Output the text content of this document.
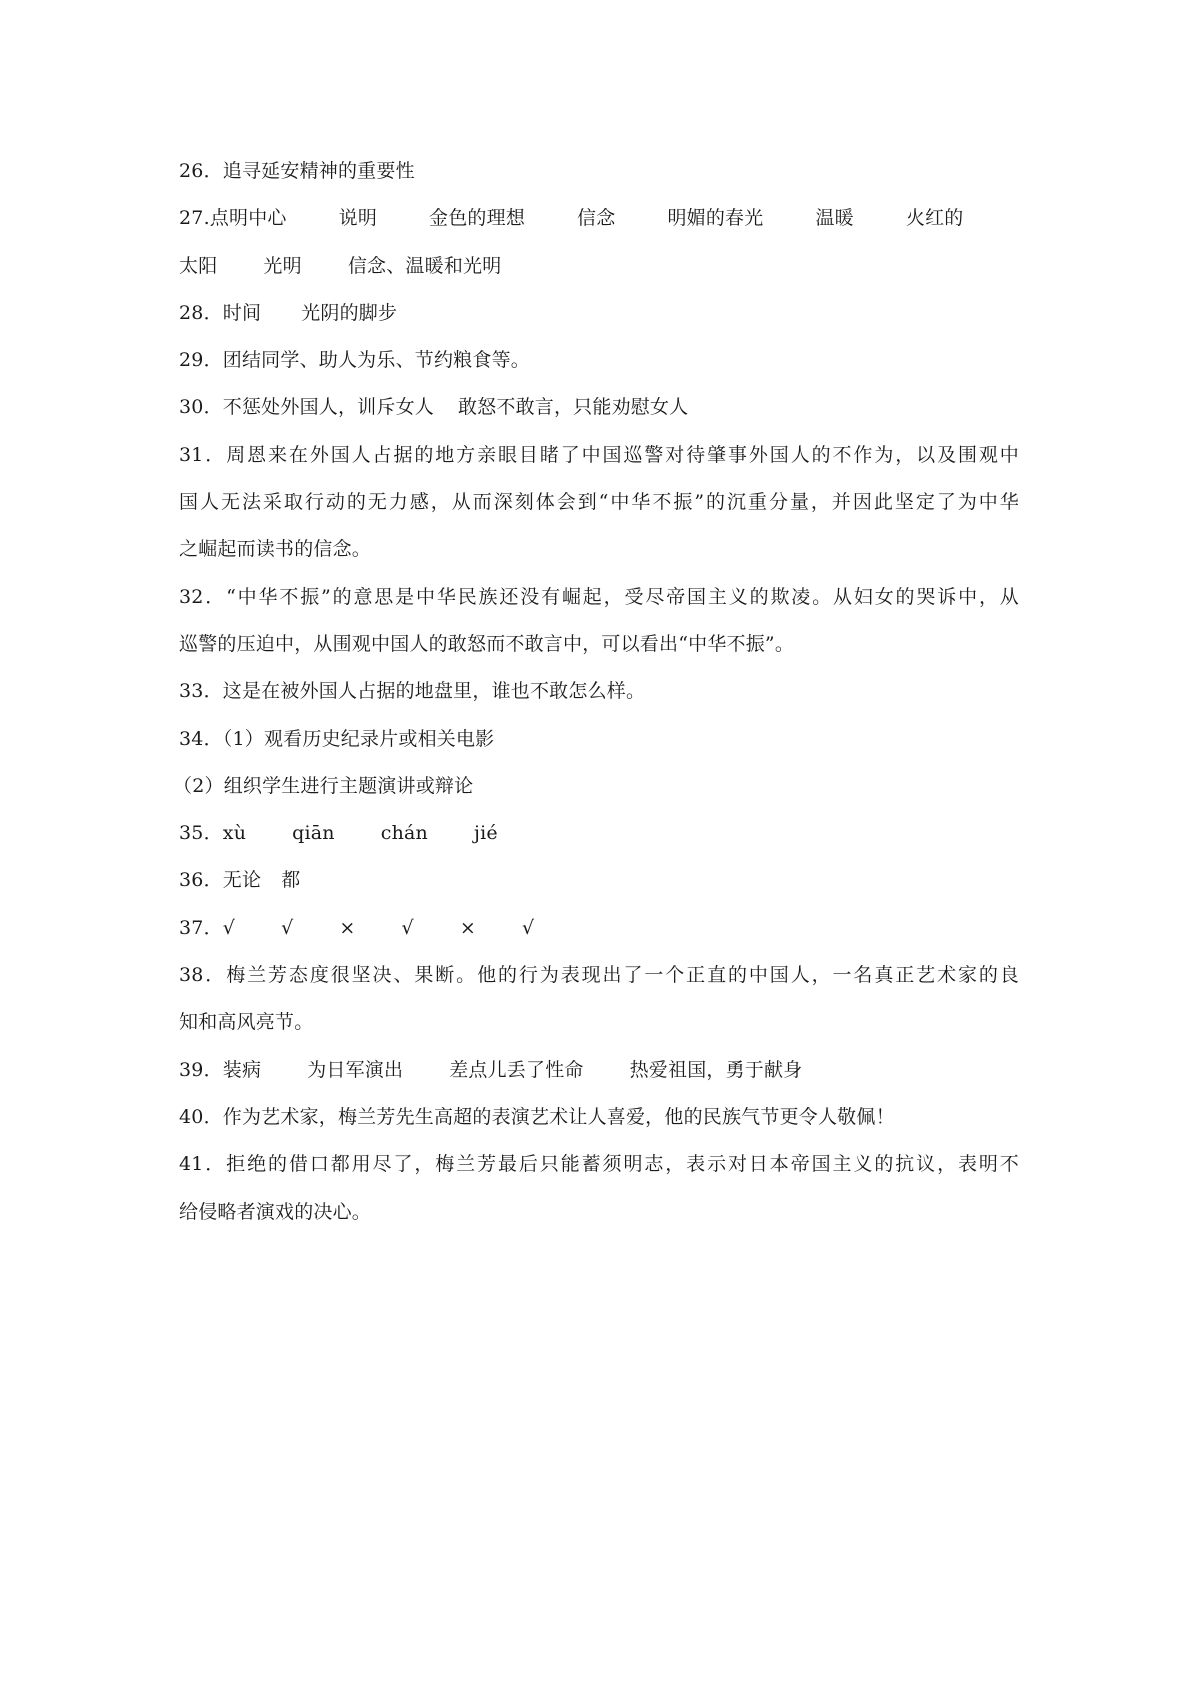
26．追寻延安精神的重要性
27.点明中心	说明	金色的理想	信念	明媚的春光	温暖	火红的
太阳 光明 信念、温暖和光明
28．时间 光阴的脚步
29．团结同学、助人为乐、节约粮食等。
30．不惩处外国人，训斥女人 敢怒不敢言，只能劝慰女人
31．周恩来在外国人占据的地方亲眼目睹了中国巡警对待肇事外国人的不作为，以及围观中
国人无法采取行动的无力感，从而深刻体会到“中华不振”的沉重分量，并因此坚定了为中华
之崛起而读书的信念。
32．“中华不振”的意思是中华民族还没有崛起，受尽帝国主义的欺凌。从妇女的哭诉中，从
巡警的压迫中，从围观中国人的敢怒而不敢言中，可以看出“中华不振”。
33．这是在被外国人占据的地盘里，谁也不敢怎么样。
34．（1）观看历史纪录片或相关电影
（2）组织学生进行主题演讲或辩论
35．xù qiān chán jié
36．无论 都
37．√ √ × √ × √
38．梅兰芳态度很坚决、果断。他的行为表现出了一个正直的中国人，一名真正艺术家的良
知和高风亮节。
39．装病 为日军演出 差点儿丢了性命 热爱祖国，勇于献身
40．作为艺术家，梅兰芳先生高超的表演艺术让人喜爱，他的民族气节更令人敬佩！
41．拒绝的借口都用尽了，梅兰芳最后只能蓄须明志，表示对日本帝国主义的抗议，表明不
给侵略者演戏的决心。
